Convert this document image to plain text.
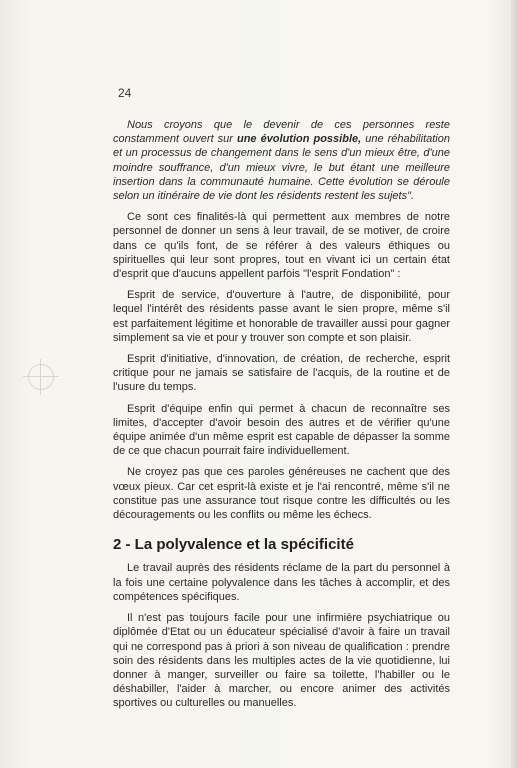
24

Nous croyons que le devenir de ces personnes reste constamment ouvert sur une évolution possible, une réhabilitation et un processus de changement dans le sens d'un mieux être, d'une moindre souffrance, d'un mieux vivre, le but étant une meilleure insertion dans la communauté humaine. Cette évolution se déroule selon un itinéraire de vie dont les résidents restent les sujets".

Ce sont ces finalités-là qui permettent aux membres de notre personnel de donner un sens à leur travail, de se motiver, de croire dans ce qu'ils font, de se référer à des valeurs éthiques ou spirituelles qui leur sont propres, tout en vivant ici un certain état d'esprit que d'aucuns appellent parfois "l'esprit Fondation" :

Esprit de service, d'ouverture à l'autre, de disponibilité, pour lequel l'intérêt des résidents passe avant le sien propre, même s'il est parfaitement légitime et honorable de travailler aussi pour gagner simplement sa vie et pour y trouver son compte et son plaisir.

Esprit d'initiative, d'innovation, de création, de recherche, esprit critique pour ne jamais se satisfaire de l'acquis, de la routine et de l'usure du temps.

Esprit d'équipe enfin qui permet à chacun de reconnaître ses limites, d'accepter d'avoir besoin des autres et de vérifier qu'une équipe animée d'un même esprit est capable de dépasser la somme de ce que chacun pourrait faire individuellement.

Ne croyez pas que ces paroles généreuses ne cachent que des vœux pieux. Car cet esprit-là existe et je l'ai rencontré, même s'il ne constitue pas une assurance tout risque contre les difficultés ou les découragements ou les conflits ou même les échecs.

2 - La polyvalence et la spécificité

Le travail auprès des résidents réclame de la part du personnel à la fois une certaine polyvalence dans les tâches à accomplir, et des compétences spécifiques.

Il n'est pas toujours facile pour une infirmière psychiatrique ou diplômée d'Etat ou un éducateur spécialisé d'avoir à faire un travail qui ne correspond pas à priori à son niveau de qualification : prendre soin des résidents dans les multiples actes de la vie quotidienne, lui donner à manger, surveiller ou faire sa toilette, l'habiller ou le déshabiller, l'aider à marcher, ou encore animer des activités sportives ou culturelles ou manuelles.
